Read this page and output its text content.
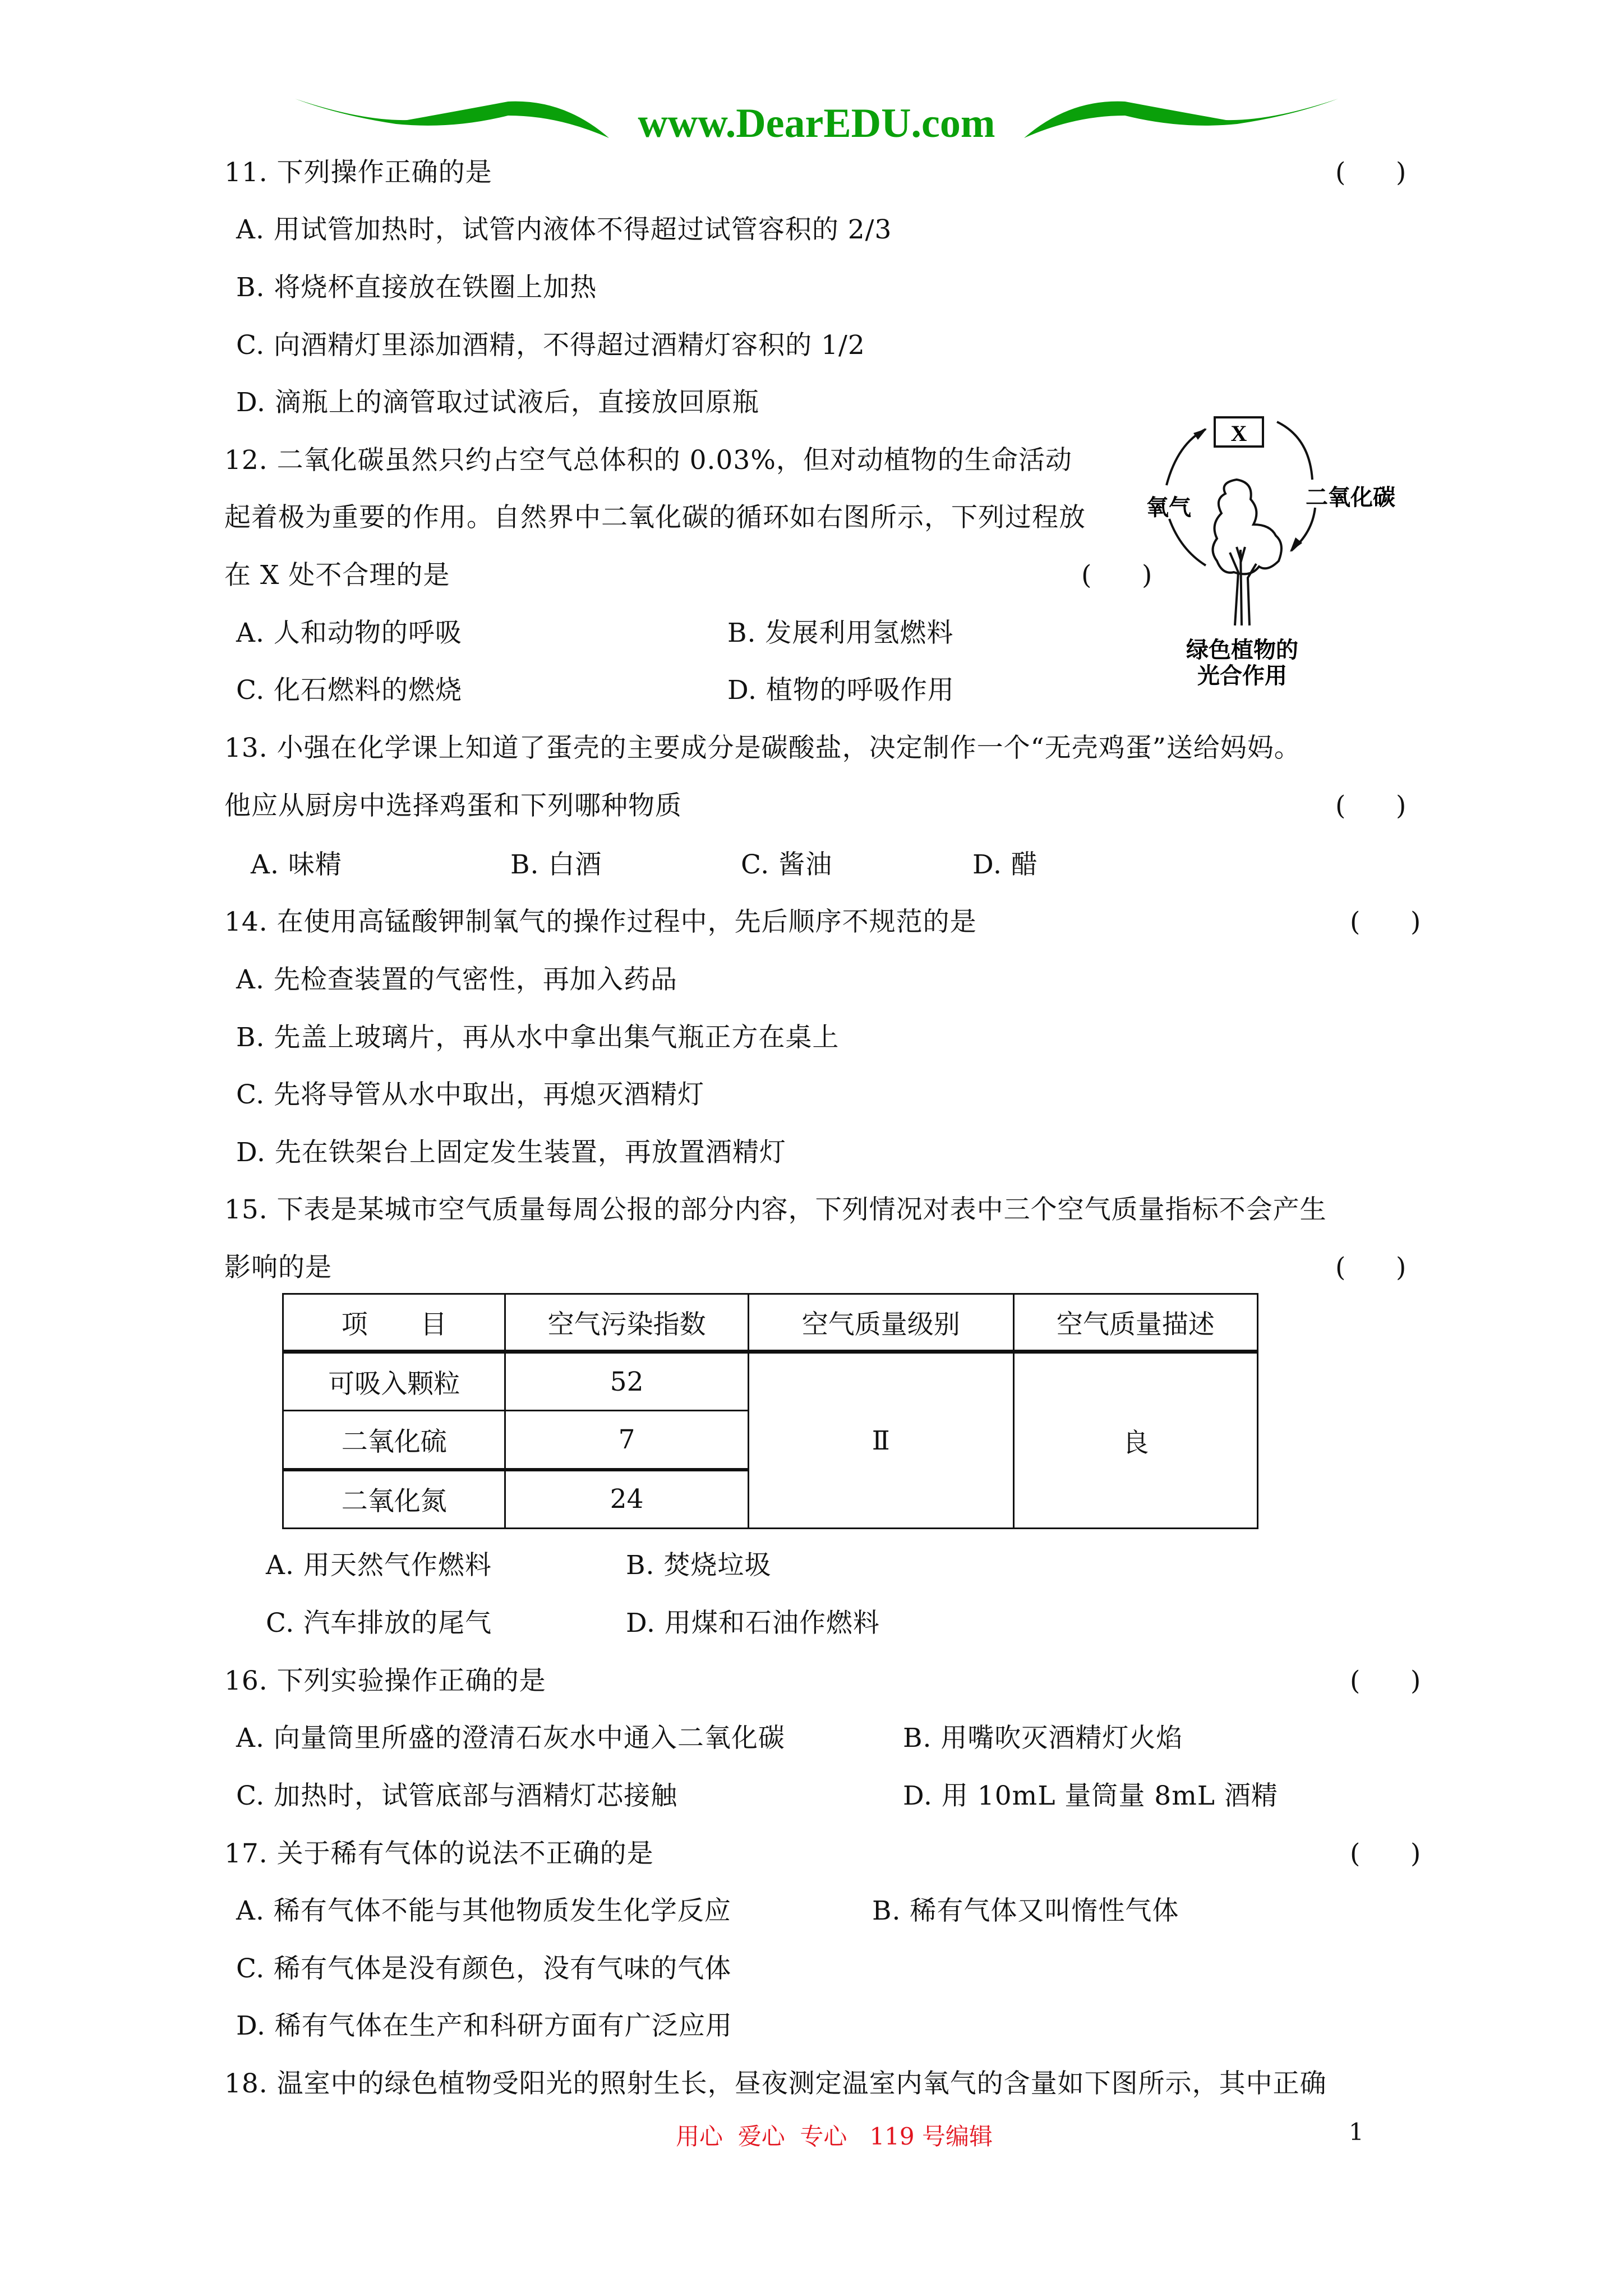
www.DearEDU.com
11. 下列操作正确的是	(      )
A. 用试管加热时，试管内液体不得超过试管容积的 2/3
B. 将烧杯直接放在铁圈上加热
C. 向酒精灯里添加酒精，不得超过酒精灯容积的 1/2
D. 滴瓶上的滴管取过试液后，直接放回原瓶
12. 二氧化碳虽然只约占空气总体积的 0.03%，但对动植物的生命活动
起着极为重要的作用。自然界中二氧化碳的循环如右图所示，下列过程放
在 X 处不合理的是	(      )
A. 人和动物的呼吸	B. 发展利用氢燃料
C. 化石燃料的燃烧	D. 植物的呼吸作用
X
氧气	二氧化碳
绿色植物的
光合作用
13. 小强在化学课上知道了蛋壳的主要成分是碳酸盐，决定制作一个“无壳鸡蛋”送给妈妈。
他应从厨房中选择鸡蛋和下列哪种物质	(      )
A. 味精	B. 白酒	C. 酱油	D. 醋
14. 在使用高锰酸钾制氧气的操作过程中，先后顺序不规范的是	(      )
A. 先检查装置的气密性，再加入药品
B. 先盖上玻璃片，再从水中拿出集气瓶正方在桌上
C. 先将导管从水中取出，再熄灭酒精灯
D. 先在铁架台上固定发生装置，再放置酒精灯
15. 下表是某城市空气质量每周公报的部分内容，下列情况对表中三个空气质量指标不会产生
影响的是	(      )
项　　目	空气污染指数	空气质量级别	空气质量描述
可吸入颗粒	52	Ⅱ	良
二氧化硫	7		
二氧化氮	24		
A. 用天然气作燃料	B. 焚烧垃圾
C. 汽车排放的尾气	D. 用煤和石油作燃料
16. 下列实验操作正确的是	(      )
A. 向量筒里所盛的澄清石灰水中通入二氧化碳	B. 用嘴吹灭酒精灯火焰
C. 加热时，试管底部与酒精灯芯接触	D. 用 10mL 量筒量 8mL 酒精
17. 关于稀有气体的说法不正确的是	(      )
A. 稀有气体不能与其他物质发生化学反应	B. 稀有气体又叫惰性气体
C. 稀有气体是没有颜色，没有气味的气体
D. 稀有气体在生产和科研方面有广泛应用
18. 温室中的绿色植物受阳光的照射生长，昼夜测定温室内氧气的含量如下图所示，其中正确
用心  爱心  专心   119 号编辑	1
